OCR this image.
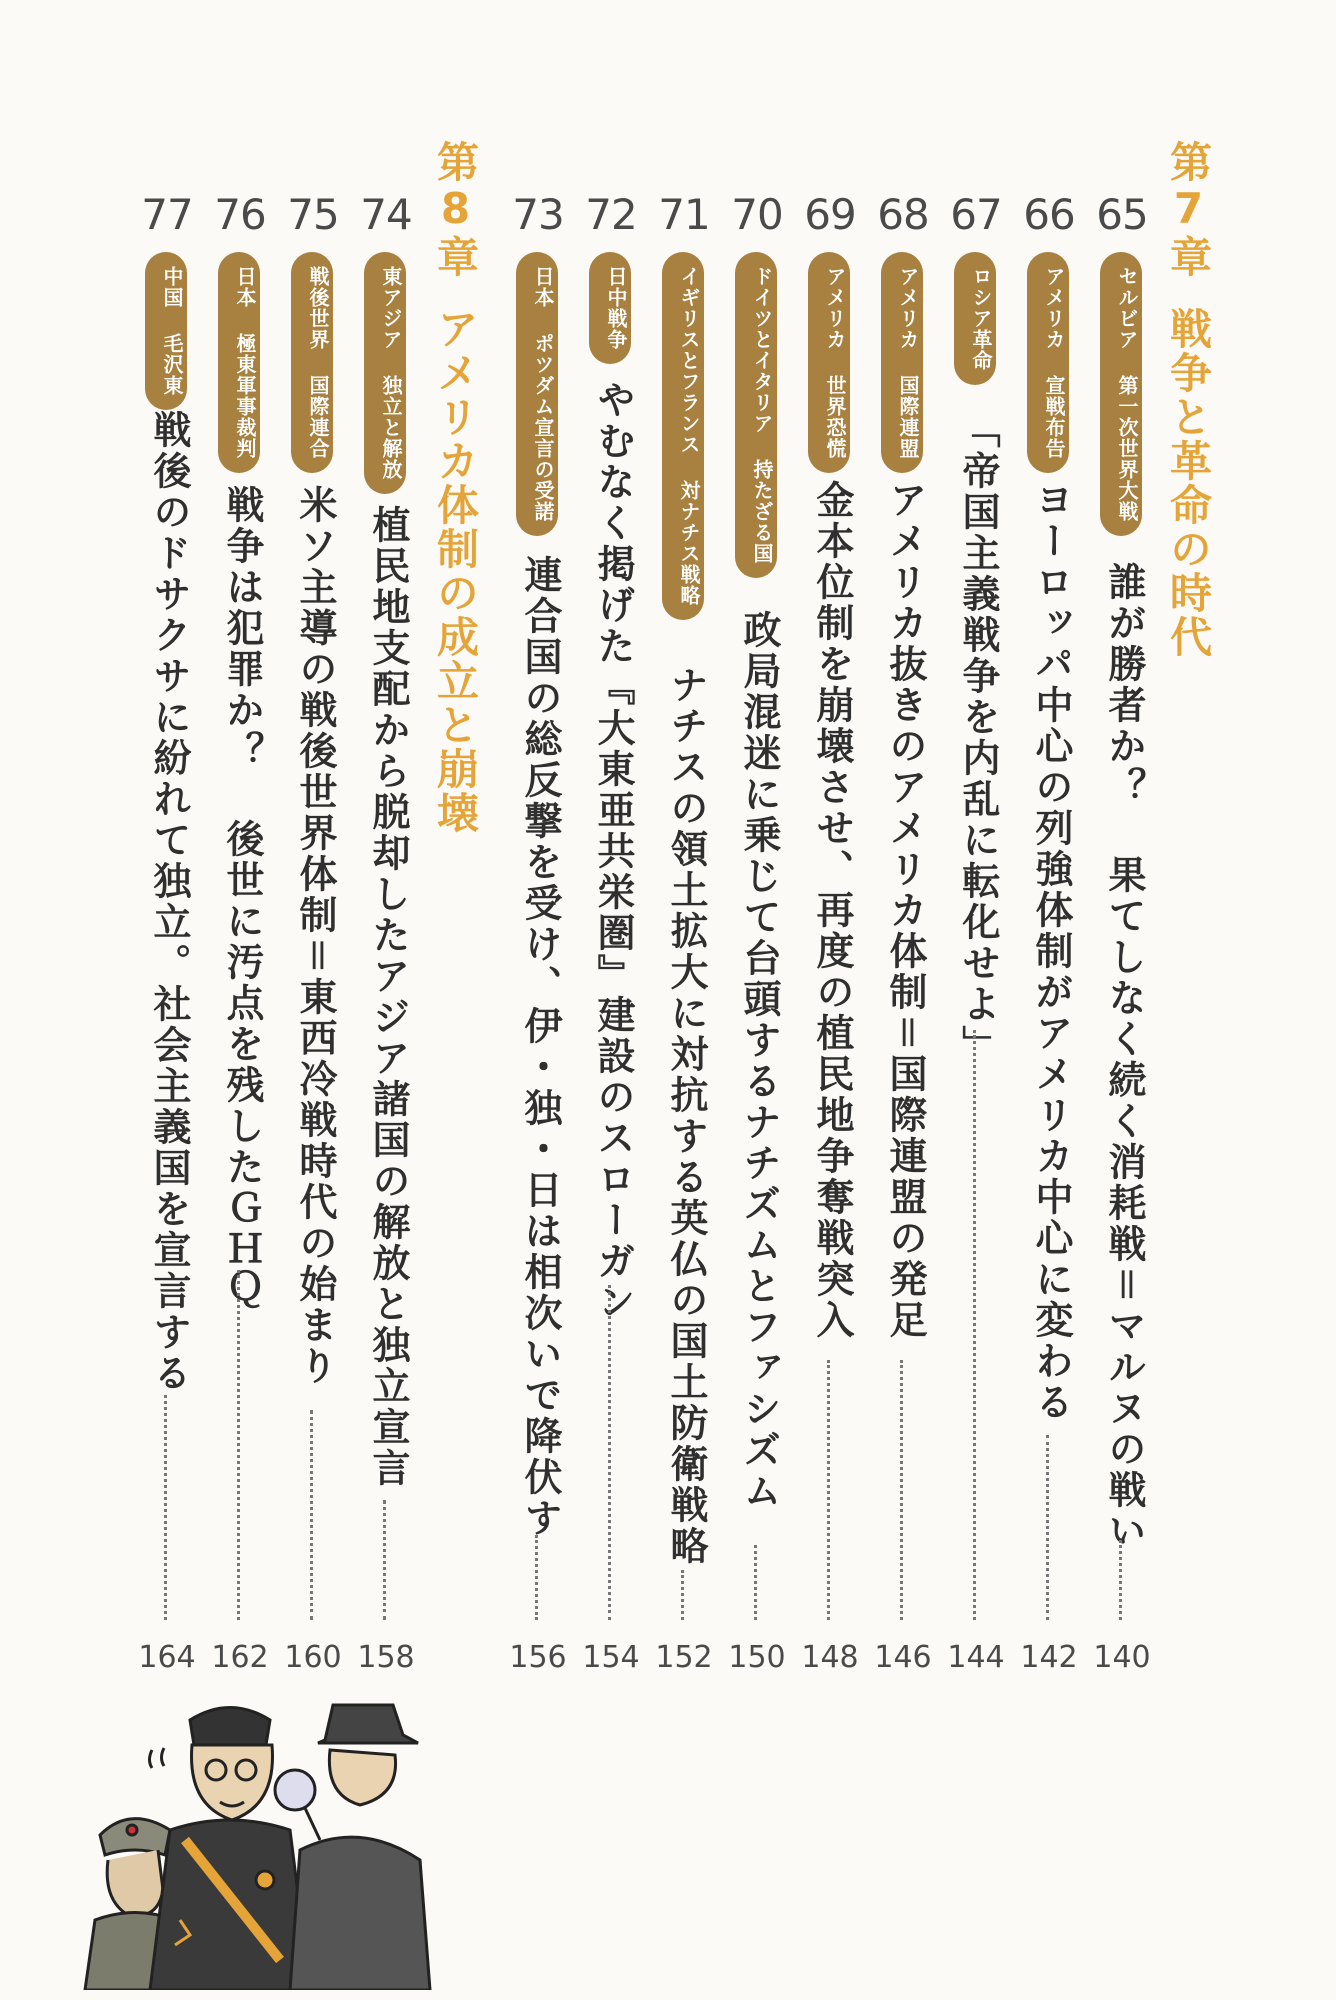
第7章戦争と革命の時代
第8章アメリカ体制の成立と崩壊
65
セルビア 第一次世界大戦
誰が勝者か？ 果てしなく続く消耗戦＝マルヌの戦い
140
66
アメリカ 宣戦布告
ヨーロッパ中心の列強体制がアメリカ中心に変わる
142
67
ロシア革命
「帝国主義戦争を内乱に転化せよ」
144
68
アメリカ 国際連盟
アメリカ抜きのアメリカ体制＝国際連盟の発足
146
69
アメリカ 世界恐慌
金本位制を崩壊させ、再度の植民地争奪戦突入
148
70
ドイツとイタリア 持たざる国
政局混迷に乗じて台頭するナチズムとファシズム
150
71
イギリスとフランス 対ナチス戦略
ナチスの領土拡大に対抗する英仏の国土防衛戦略
152
72
日中戦争
やむなく掲げた『大東亜共栄圏』建設のスローガン
154
73
日本 ポツダム宣言の受諾
連合国の総反撃を受け、伊・独・日は相次いで降伏す
156
74
東アジア 独立と解放
植民地支配から脱却したアジア諸国の解放と独立宣言
158
75
戦後世界 国際連合
米ソ主導の戦後世界体制＝東西冷戦時代の始まり
160
76
日本 極東軍事裁判
戦争は犯罪か？ 後世に汚点を残したＧＨＱ
162
77
中国 毛沢東
戦後のドサクサに紛れて独立。社会主義国を宣言する
164
